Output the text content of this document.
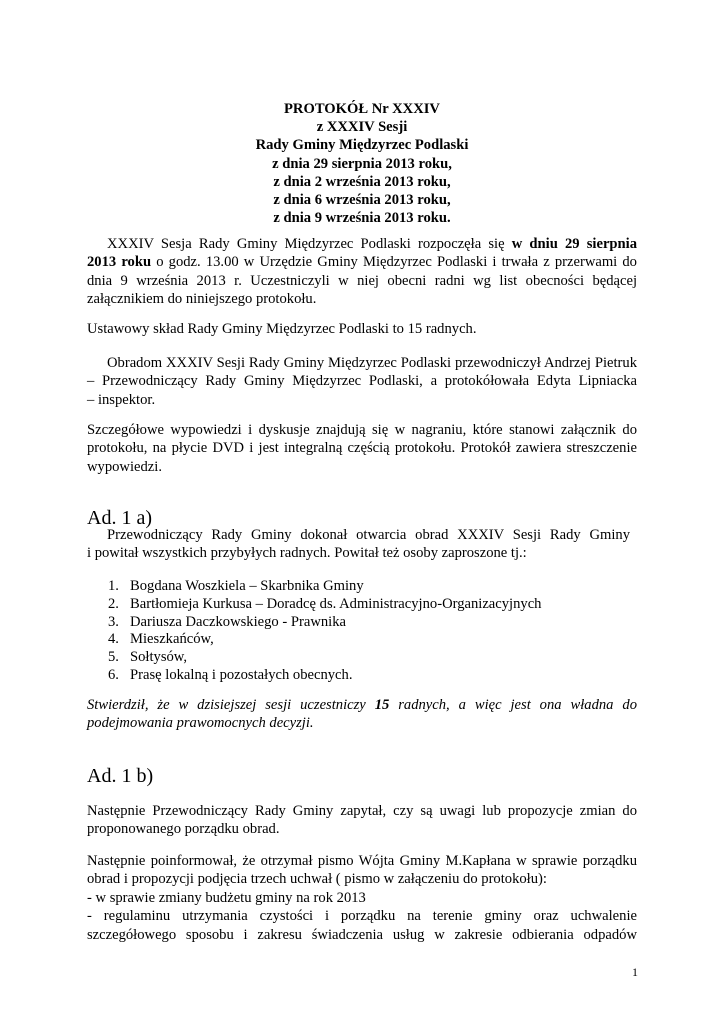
PROTOKÓŁ Nr XXXIV
z XXXIV Sesji
Rady Gminy Międzyrzec Podlaski
z dnia 29 sierpnia 2013 roku,
z dnia 2 września 2013 roku,
z dnia 6 września 2013 roku,
z dnia 9 września 2013 roku.
XXXIV Sesja Rady Gminy Międzyrzec Podlaski rozpoczęła się w dniu 29 sierpnia
2013 roku o godz. 13.00 w Urzędzie Gminy Międzyrzec Podlaski i trwała z przerwami do
dnia 9 września 2013 r. Uczestniczyli w niej obecni radni wg list obecności będącej
załącznikiem do niniejszego protokołu.
Ustawowy skład Rady Gminy Międzyrzec Podlaski to 15 radnych.
Obradom XXXIV Sesji Rady Gminy Międzyrzec Podlaski przewodniczył Andrzej Pietruk
– Przewodniczący Rady Gminy Międzyrzec Podlaski, a protokółowała Edyta Lipniacka
– inspektor.
Szczegółowe wypowiedzi i dyskusje znajdują się w nagraniu, które stanowi załącznik do
protokołu, na płycie DVD i jest integralną częścią protokołu. Protokół zawiera streszczenie
wypowiedzi.
Ad. 1 a)
Przewodniczący Rady Gminy dokonał otwarcia obrad XXXIV Sesji Rady Gminy
i powitał wszystkich przybyłych radnych. Powitał też osoby zaproszone tj.:
1. Bogdana Woszkiela – Skarbnika Gminy
2. Bartłomieja Kurkusa – Doradcę ds. Administracyjno-Organizacyjnych
3. Dariusza Daczkowskiego - Prawnika
4. Mieszkańców,
5. Sołtysów,
6. Prasę lokalną i pozostałych obecnych.
Stwierdził, że w dzisiejszej sesji uczestniczy 15 radnych, a więc jest ona władna do
podejmowania prawomocnych decyzji.
Ad. 1 b)
Następnie Przewodniczący Rady Gminy zapytał, czy są uwagi lub propozycje zmian do
proponowanego porządku obrad.
Następnie poinformował, że otrzymał pismo Wójta Gminy M.Kapłana w sprawie porządku
obrad i propozycji podjęcia trzech uchwał ( pismo w załączeniu do protokołu):
- w sprawie zmiany budżetu gminy na rok 2013
- regulaminu utrzymania czystości i porządku na terenie gminy oraz uchwalenie
szczegółowego sposobu i zakresu świadczenia usług w zakresie odbierania odpadów
1
